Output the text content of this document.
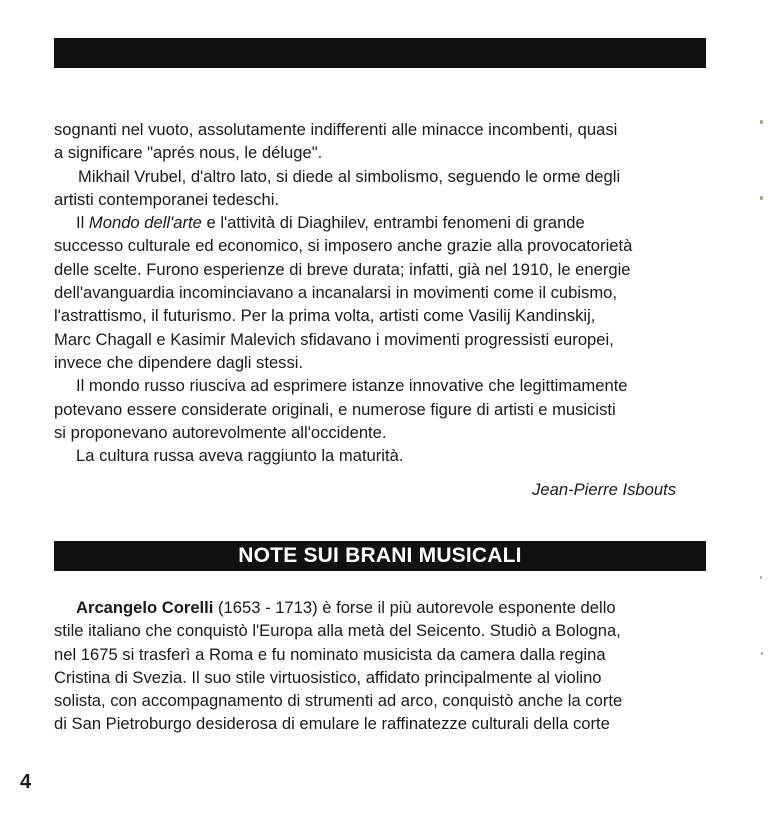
sognanti nel vuoto, assolutamente indifferenti alle minacce incombenti, quasi

a significare "aprés nous, le déluge".

Mikhail Vrubel, d'altro lato, si diede al simbolismo, seguendo le orme degli

artisti contemporanei tedeschi.

Il Mondo dell'arte e l'attività di Diaghilev, entrambi fenomeni di grande

successo culturale ed economico, si imposero anche grazie alla provocatorietà

delle scelte. Furono esperienze di breve durata; infatti, già nel 1910, le energie

dell'avanguardia incominciavano a incanalarsi in movimenti come il cubismo,

l'astrattismo, il futurismo. Per la prima volta, artisti come Vasilij Kandinskij,

Marc Chagall e Kasimir Malevich sfidavano i movimenti progressisti europei,

invece che dipendere dagli stessi.

Il mondo russo riusciva ad esprimere istanze innovative che legittimamente

potevano essere considerate originali, e numerose figure di artisti e musicisti

si proponevano autorevolmente all'occidente.

La cultura russa aveva raggiunto la maturità.

Jean-Pierre Isbouts
NOTE SUI BRANI MUSICALI

Arcangelo Corelli (1653 - 1713) è forse il più autorevole esponente dello

stile italiano che conquistò l'Europa alla metà del Seicento. Studiò a Bologna,

nel 1675 si trasferì a Roma e fu nominato musicista da camera dalla regina

Cristina di Svezia. Il suo stile virtuosistico, affidato principalmente al violino

solista, con accompagnamento di strumenti ad arco, conquistò anche la corte

di San Pietroburgo desiderosa di emulare le raffinatezze culturali della corte

4
